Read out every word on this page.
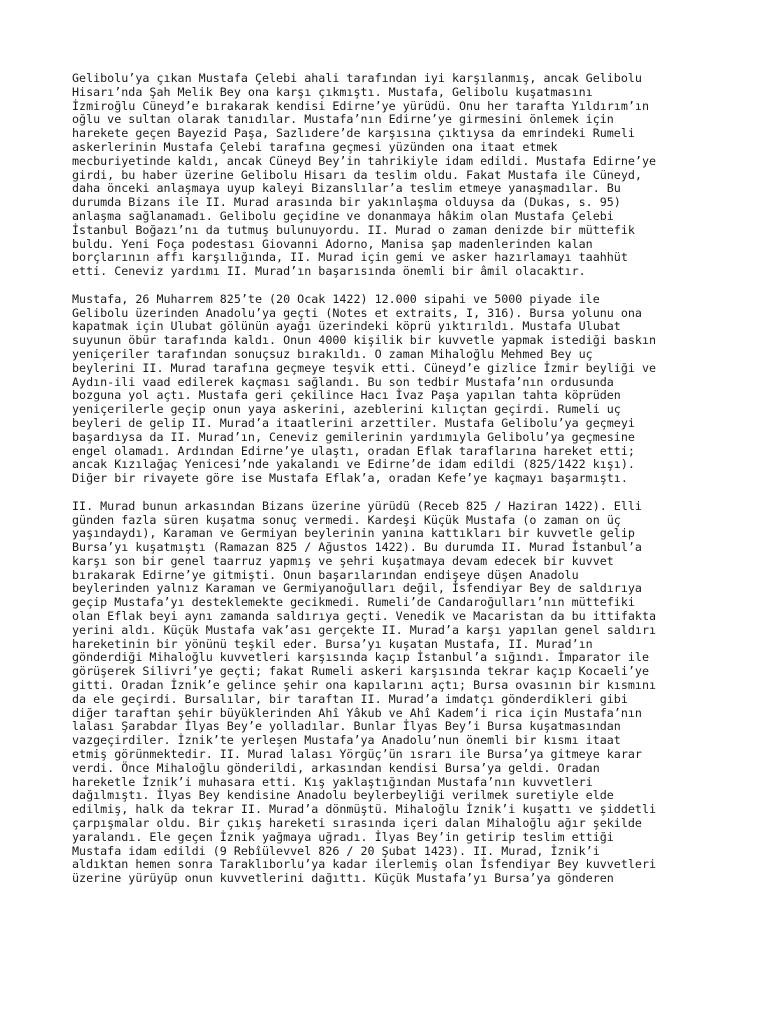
Gelibolu’ya çıkan Mustafa Çelebi ahali tarafından iyi karşılanmış, ancak Gelibolu
Hisarı’nda Şah Melik Bey ona karşı çıkmıştı. Mustafa, Gelibolu kuşatmasını
İzmiroğlu Cüneyd’e bırakarak kendisi Edirne’ye yürüdü. Onu her tarafta Yıldırım’ın
oğlu ve sultan olarak tanıdılar. Mustafa’nın Edirne’ye girmesini önlemek için
harekete geçen Bayezid Paşa, Sazlıdere’de karşısına çıktıysa da emrindeki Rumeli
askerlerinin Mustafa Çelebi tarafına geçmesi yüzünden ona itaat etmek
mecburiyetinde kaldı, ancak Cüneyd Bey’in tahrikiyle idam edildi. Mustafa Edirne’ye
girdi, bu haber üzerine Gelibolu Hisarı da teslim oldu. Fakat Mustafa ile Cüneyd,
daha önceki anlaşmaya uyup kaleyi Bizanslılar’a teslim etmeye yanaşmadılar. Bu
durumda Bizans ile II. Murad arasında bir yakınlaşma olduysa da (Dukas, s. 95)
anlaşma sağlanamadı. Gelibolu geçidine ve donanmaya hâkim olan Mustafa Çelebi
İstanbul Boğazı’nı da tutmuş bulunuyordu. II. Murad o zaman denizde bir müttefik
buldu. Yeni Foça podestası Giovanni Adorno, Manisa şap madenlerinden kalan
borçlarının affı karşılığında, II. Murad için gemi ve asker hazırlamayı taahhüt
etti. Ceneviz yardımı II. Murad’ın başarısında önemli bir âmil olacaktır.

Mustafa, 26 Muharrem 825’te (20 Ocak 1422) 12.000 sipahi ve 5000 piyade ile
Gelibolu üzerinden Anadolu’ya geçti (Notes et extraits, I, 316). Bursa yolunu ona
kapatmak için Ulubat gölünün ayağı üzerindeki köprü yıktırıldı. Mustafa Ulubat
suyunun öbür tarafında kaldı. Onun 4000 kişilik bir kuvvetle yapmak istediği baskın
yeniçeriler tarafından sonuçsuz bırakıldı. O zaman Mihaloğlu Mehmed Bey uç
beylerini II. Murad tarafına geçmeye teşvik etti. Cüneyd’e gizlice İzmir beyliği ve
Aydın-ili vaad edilerek kaçması sağlandı. Bu son tedbir Mustafa’nın ordusunda
bozguna yol açtı. Mustafa geri çekilince Hacı İvaz Paşa yapılan tahta köprüden
yeniçerilerle geçip onun yaya askerini, azeblerini kılıçtan geçirdi. Rumeli uç
beyleri de gelip II. Murad’a itaatlerini arzettiler. Mustafa Gelibolu’ya geçmeyi
başardıysa da II. Murad’ın, Ceneviz gemilerinin yardımıyla Gelibolu’ya geçmesine
engel olamadı. Ardından Edirne’ye ulaştı, oradan Eflak taraflarına hareket etti;
ancak Kızılağaç Yenicesi’nde yakalandı ve Edirne’de idam edildi (825/1422 kışı).
Diğer bir rivayete göre ise Mustafa Eflak’a, oradan Kefe’ye kaçmayı başarmıştı.

II. Murad bunun arkasından Bizans üzerine yürüdü (Receb 825 / Haziran 1422). Elli
günden fazla süren kuşatma sonuç vermedi. Kardeşi Küçük Mustafa (o zaman on üç
yaşındaydı), Karaman ve Germiyan beylerinin yanına kattıkları bir kuvvetle gelip
Bursa’yı kuşatmıştı (Ramazan 825 / Ağustos 1422). Bu durumda II. Murad İstanbul’a
karşı son bir genel taarruz yapmış ve şehri kuşatmaya devam edecek bir kuvvet
bırakarak Edirne’ye gitmişti. Onun başarılarından endişeye düşen Anadolu
beylerinden yalnız Karaman ve Germiyanoğulları değil, İsfendiyar Bey de saldırıya
geçip Mustafa’yı desteklemekte gecikmedi. Rumeli’de Candaroğulları’nın müttefiki
olan Eflak beyi aynı zamanda saldırıya geçti. Venedik ve Macaristan da bu ittifakta
yerini aldı. Küçük Mustafa vak’ası gerçekte II. Murad’a karşı yapılan genel saldırı
hareketinin bir yönünü teşkil eder. Bursa’yı kuşatan Mustafa, II. Murad’ın
gönderdiği Mihaloğlu kuvvetleri karşısında kaçıp İstanbul’a sığındı. İmparator ile
görüşerek Silivri’ye geçti; fakat Rumeli askeri karşısında tekrar kaçıp Kocaeli’ye
gitti. Oradan İznik’e gelince şehir ona kapılarını açtı; Bursa ovasının bir kısmını
da ele geçirdi. Bursalılar, bir taraftan II. Murad’a imdatçı gönderdikleri gibi
diğer taraftan şehir büyüklerinden Ahî Yâkub ve Ahî Kadem’i rica için Mustafa’nın
lalası Şarabdar İlyas Bey’e yolladılar. Bunlar İlyas Bey’i Bursa kuşatmasından
vazgeçirdiler. İznik’te yerleşen Mustafa’ya Anadolu’nun önemli bir kısmı itaat
etmiş görünmektedir. II. Murad lalası Yörgüç’ün ısrarı ile Bursa’ya gitmeye karar
verdi. Önce Mihaloğlu gönderildi, arkasından kendisi Bursa’ya geldi. Oradan
hareketle İznik’i muhasara etti. Kış yaklaştığından Mustafa’nın kuvvetleri
dağılmıştı. İlyas Bey kendisine Anadolu beylerbeyliği verilmek suretiyle elde
edilmiş, halk da tekrar II. Murad’a dönmüştü. Mihaloğlu İznik’i kuşattı ve şiddetli
çarpışmalar oldu. Bir çıkış hareketi sırasında içeri dalan Mihaloğlu ağır şekilde
yaralandı. Ele geçen İznik yağmaya uğradı. İlyas Bey’in getirip teslim ettiği
Mustafa idam edildi (9 Rebîülevvel 826 / 20 Şubat 1423). II. Murad, İznik’i
aldıktan hemen sonra Taraklıborlu’ya kadar ilerlemiş olan İsfendiyar Bey kuvvetleri
üzerine yürüyüp onun kuvvetlerini dağıttı. Küçük Mustafa’yı Bursa’ya gönderen
